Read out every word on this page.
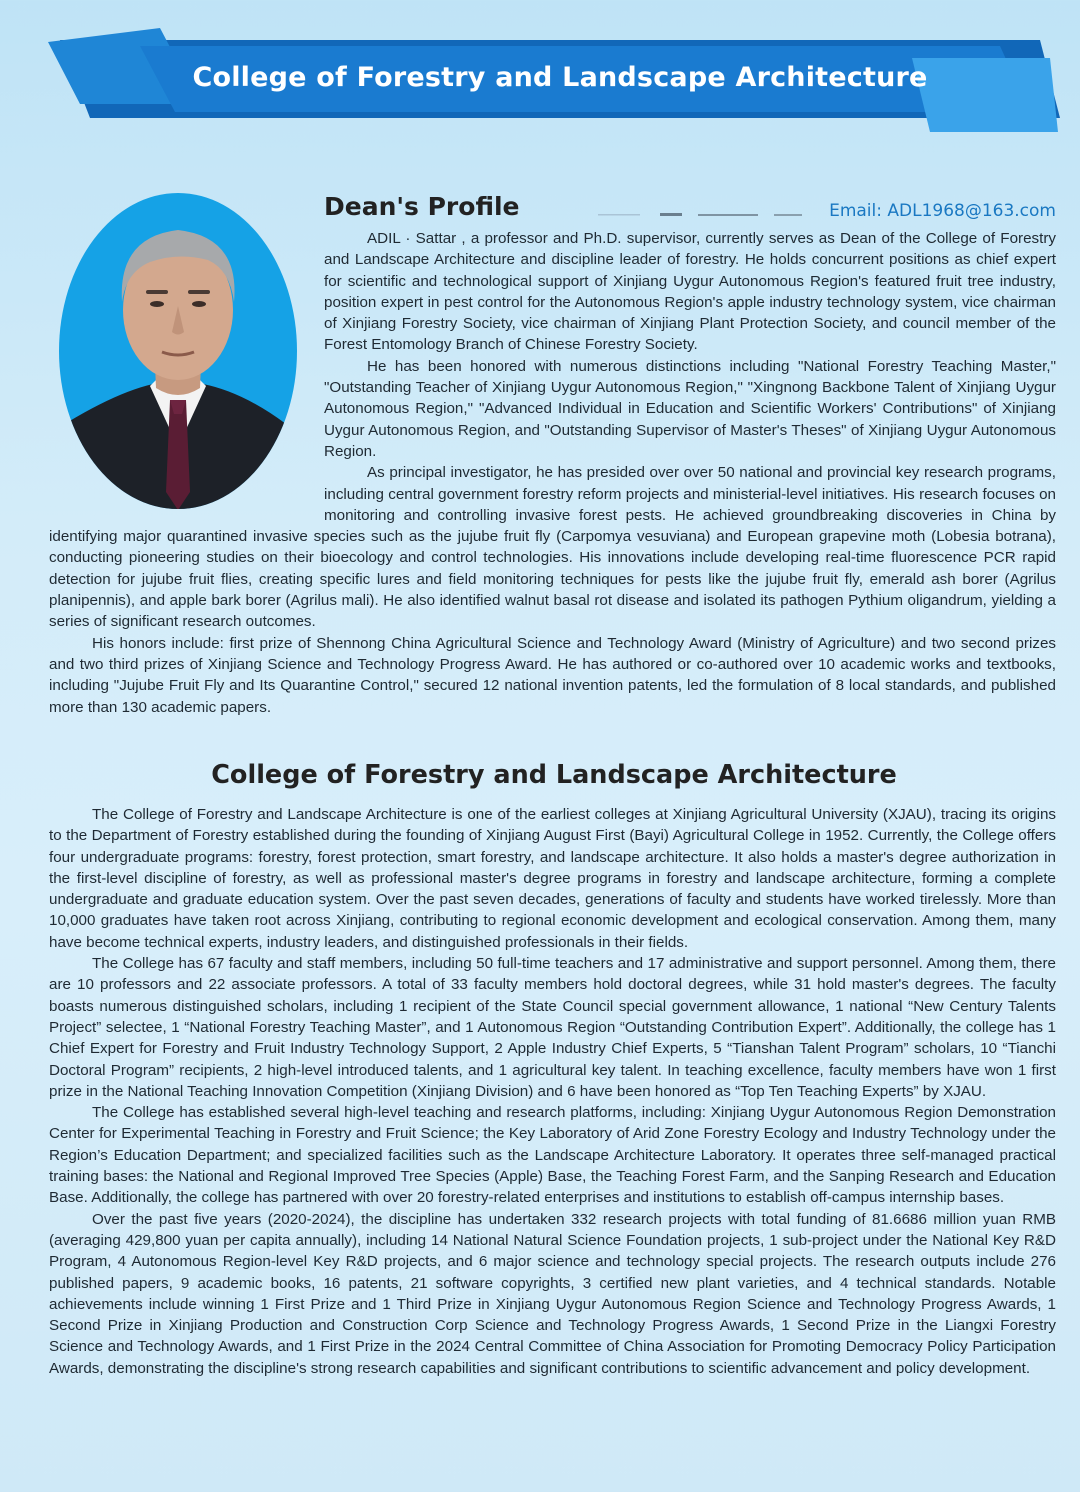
College of Forestry and Landscape Architecture
Dean's Profile	Email: ADL1968@163.com

ADIL · Sattar , a professor and Ph.D. supervisor, currently serves as Dean of the College of Forestry and Landscape Architecture and discipline leader of forestry. He holds concurrent positions as chief expert for scientific and technological support of Xinjiang Uygur Autonomous Region's featured fruit tree industry, position expert in pest control for the Autonomous Region's apple industry technology system, vice chairman of Xinjiang Forestry Society, vice chairman of Xinjiang Plant Protection Society, and council member of the Forest Entomology Branch of Chinese Forestry Society.

He has been honored with numerous distinctions including "National Forestry Teaching Master," "Outstanding Teacher of Xinjiang Uygur Autonomous Region," "Xingnong Backbone Talent of Xinjiang Uygur Autonomous Region," "Advanced Individual in Education and Scientific Workers' Contributions" of Xinjiang Uygur Autonomous Region, and "Outstanding Supervisor of Master's Theses" of Xinjiang Uygur Autonomous Region.

As principal investigator, he has presided over over 50 national and provincial key research programs, including central government forestry reform projects and ministerial-level initiatives. His research focuses on monitoring and controlling invasive forest pests. He achieved groundbreaking discoveries in China by identifying major quarantined invasive species such as the jujube fruit fly (Carpomya vesuviana) and European grapevine moth (Lobesia botrana), conducting pioneering studies on their bioecology and control technologies. His innovations include developing real-time fluorescence PCR rapid detection for jujube fruit flies, creating specific lures and field monitoring techniques for pests like the jujube fruit fly, emerald ash borer (Agrilus planipennis), and apple bark borer (Agrilus mali). He also identified walnut basal rot disease and isolated its pathogen Pythium oligandrum, yielding a series of significant research outcomes.

His honors include: first prize of Shennong China Agricultural Science and Technology Award (Ministry of Agriculture) and two second prizes and two third prizes of Xinjiang Science and Technology Progress Award. He has authored or co-authored over 10 academic works and textbooks, including "Jujube Fruit Fly and Its Quarantine Control," secured 12 national invention patents, led the formulation of 8 local standards, and published more than 130 academic papers.

College of Forestry and Landscape Architecture

The College of Forestry and Landscape Architecture is one of the earliest colleges at Xinjiang Agricultural University (XJAU), tracing its origins to the Department of Forestry established during the founding of Xinjiang August First (Bayi) Agricultural College in 1952. Currently, the College offers four undergraduate programs: forestry, forest protection, smart forestry, and landscape architecture. It also holds a master's degree authorization in the first-level discipline of forestry, as well as professional master's degree programs in forestry and landscape architecture, forming a complete undergraduate and graduate education system. Over the past seven decades, generations of faculty and students have worked tirelessly. More than 10,000 graduates have taken root across Xinjiang, contributing to regional economic development and ecological conservation. Among them, many have become technical experts, industry leaders, and distinguished professionals in their fields.

The College has 67 faculty and staff members, including 50 full-time teachers and 17 administrative and support personnel. Among them, there are 10 professors and 22 associate professors. A total of 33 faculty members hold doctoral degrees, while 31 hold master's degrees. The faculty boasts numerous distinguished scholars, including 1 recipient of the State Council special government allowance, 1 national “New Century Talents Project” selectee, 1 “National Forestry Teaching Master”, and 1 Autonomous Region “Outstanding Contribution Expert”. Additionally, the college has 1 Chief Expert for Forestry and Fruit Industry Technology Support, 2 Apple Industry Chief Experts, 5 “Tianshan Talent Program” scholars, 10 “Tianchi Doctoral Program” recipients, 2 high-level introduced talents, and 1 agricultural key talent. In teaching excellence, faculty members have won 1 first prize in the National Teaching Innovation Competition (Xinjiang Division) and 6 have been honored as “Top Ten Teaching Experts” by XJAU.

The College has established several high-level teaching and research platforms, including: Xinjiang Uygur Autonomous Region Demonstration Center for Experimental Teaching in Forestry and Fruit Science; the Key Laboratory of Arid Zone Forestry Ecology and Industry Technology under the Region’s Education Department; and specialized facilities such as the Landscape Architecture Laboratory. It operates three self-managed practical training bases: the National and Regional Improved Tree Species (Apple) Base, the Teaching Forest Farm, and the Sanping Research and Education Base. Additionally, the college has partnered with over 20 forestry-related enterprises and institutions to establish off-campus internship bases.

Over the past five years (2020-2024), the discipline has undertaken 332 research projects with total funding of 81.6686 million yuan RMB (averaging 429,800 yuan per capita annually), including 14 National Natural Science Foundation projects, 1 sub-project under the National Key R&D Program, 4 Autonomous Region-level Key R&D projects, and 6 major science and technology special projects. The research outputs include 276 published papers, 9 academic books, 16 patents, 21 software copyrights, 3 certified new plant varieties, and 4 technical standards. Notable achievements include winning 1 First Prize and 1 Third Prize in Xinjiang Uygur Autonomous Region Science and Technology Progress Awards, 1 Second Prize in Xinjiang Production and Construction Corp Science and Technology Progress Awards, 1 Second Prize in the Liangxi Forestry Science and Technology Awards, and 1 First Prize in the 2024 Central Committee of China Association for Promoting Democracy Policy Participation Awards, demonstrating the discipline's strong research capabilities and significant contributions to scientific advancement and policy development.
